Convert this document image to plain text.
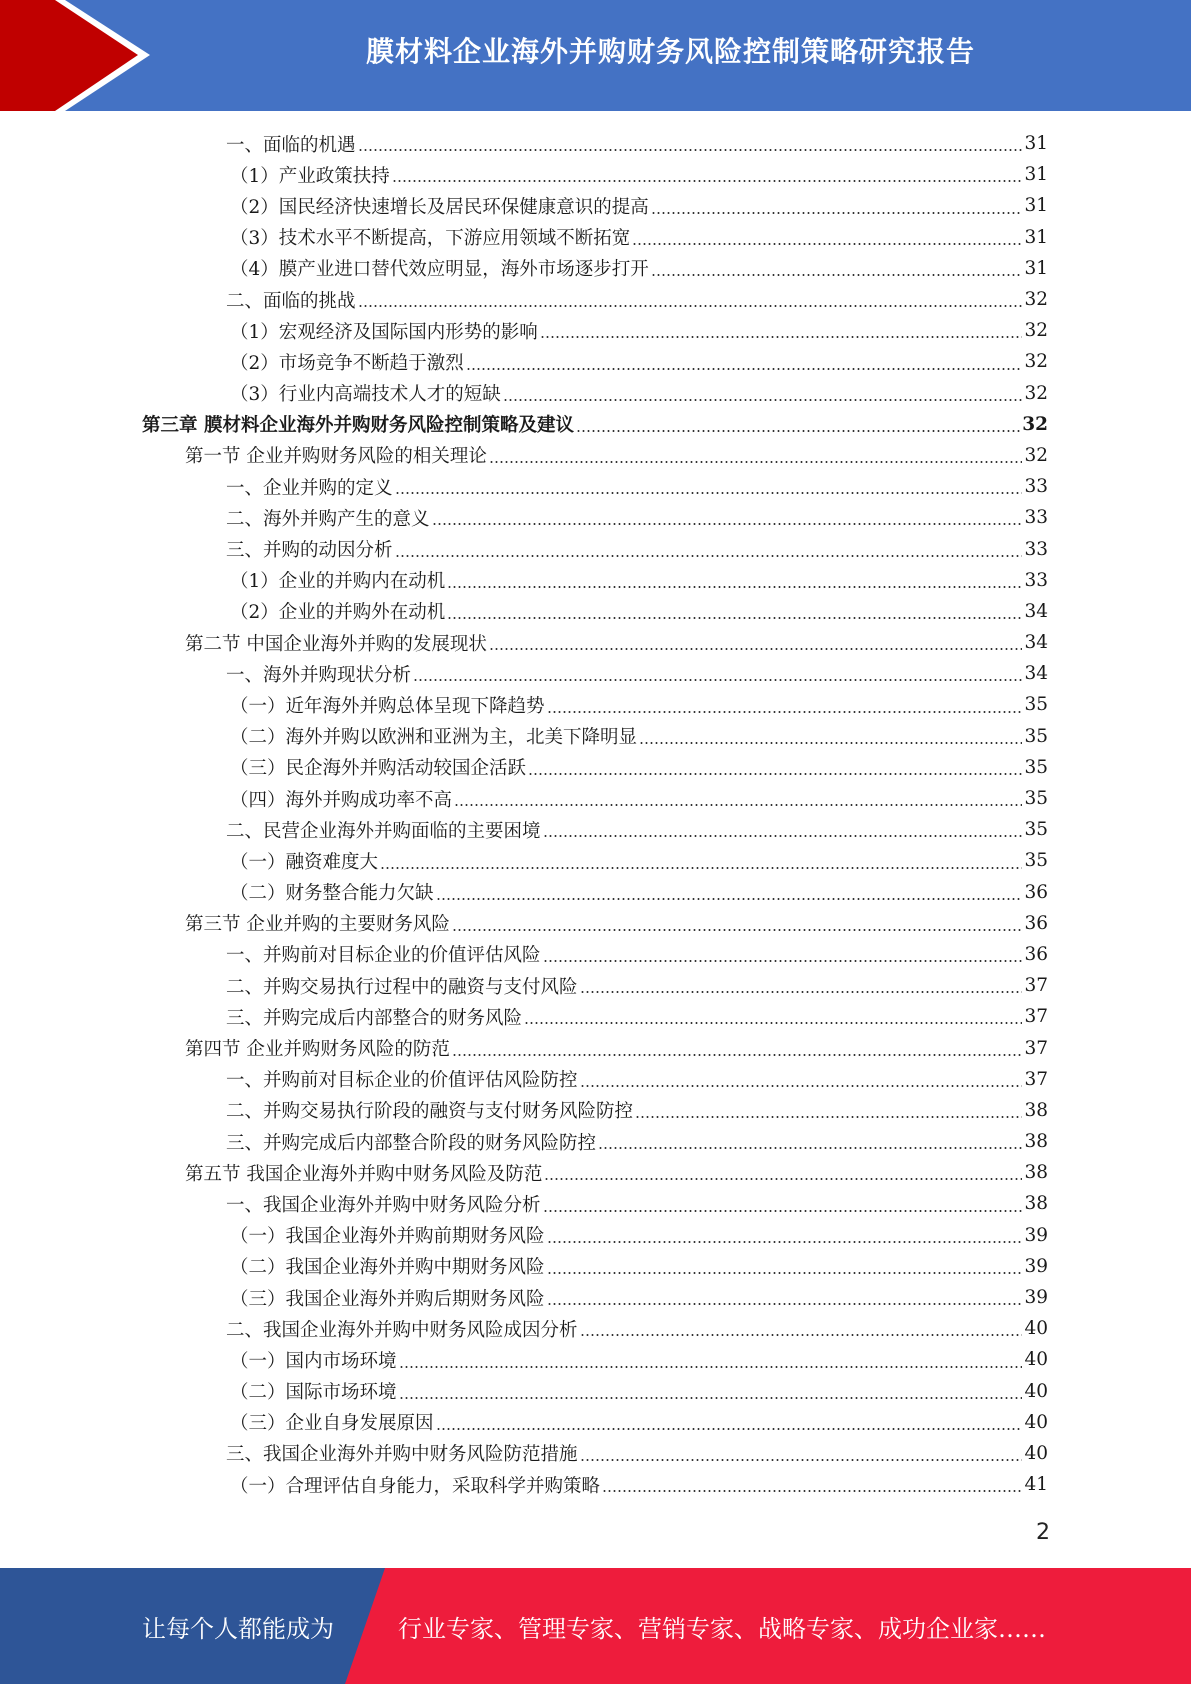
膜材料企业海外并购财务风险控制策略研究报告
一、面临的机遇	31
（1）产业政策扶持	31
（2）国民经济快速增长及居民环保健康意识的提高	31
（3）技术水平不断提高，下游应用领域不断拓宽	31
（4）膜产业进口替代效应明显，海外市场逐步打开	31
二、面临的挑战	32
（1）宏观经济及国际国内形势的影响	32
（2）市场竞争不断趋于激烈	32
（3）行业内高端技术人才的短缺	32
第三章 膜材料企业海外并购财务风险控制策略及建议	32
第一节 企业并购财务风险的相关理论	32
一、企业并购的定义	33
二、海外并购产生的意义	33
三、并购的动因分析	33
（1）企业的并购内在动机	33
（2）企业的并购外在动机	34
第二节 中国企业海外并购的发展现状	34
一、海外并购现状分析	34
（一）近年海外并购总体呈现下降趋势	35
（二）海外并购以欧洲和亚洲为主，北美下降明显	35
（三）民企海外并购活动较国企活跃	35
（四）海外并购成功率不高	35
二、民营企业海外并购面临的主要困境	35
（一）融资难度大	35
（二）财务整合能力欠缺	36
第三节 企业并购的主要财务风险	36
一、并购前对目标企业的价值评估风险	36
二、并购交易执行过程中的融资与支付风险	37
三、并购完成后内部整合的财务风险	37
第四节 企业并购财务风险的防范	37
一、并购前对目标企业的价值评估风险防控	37
二、并购交易执行阶段的融资与支付财务风险防控	38
三、并购完成后内部整合阶段的财务风险防控	38
第五节 我国企业海外并购中财务风险及防范	38
一、我国企业海外并购中财务风险分析	38
（一）我国企业海外并购前期财务风险	39
（二）我国企业海外并购中期财务风险	39
（三）我国企业海外并购后期财务风险	39
二、我国企业海外并购中财务风险成因分析	40
（一）国内市场环境	40
（二）国际市场环境	40
（三）企业自身发展原因	40
三、我国企业海外并购中财务风险防范措施	40
（一）合理评估自身能力，采取科学并购策略	41
2
让每个人都能成为	行业专家、管理专家、营销专家、战略专家、成功企业家……
